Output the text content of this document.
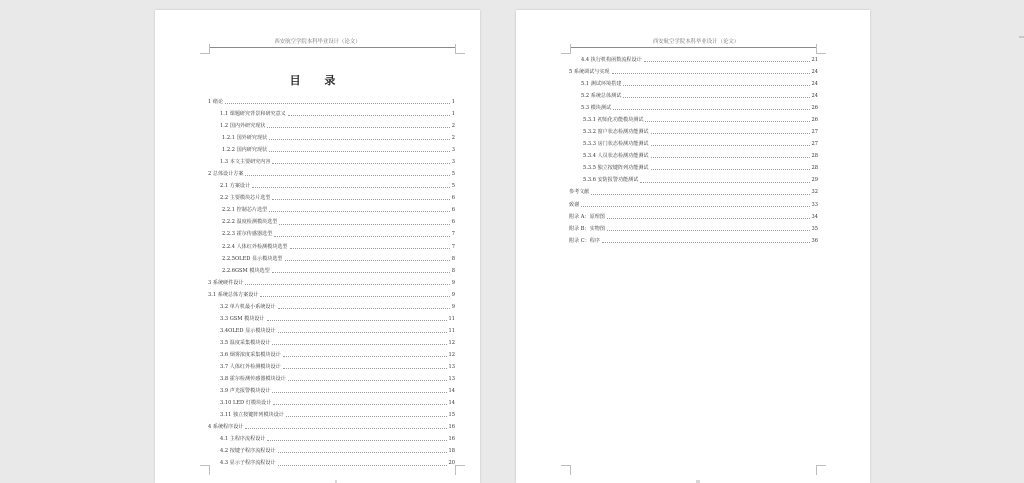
西安航空学院本科毕业设计（论文）
目 录
1 绪论	1
1.1 课题研究背景和研究意义	1
1.2 国内外研究现状	2
1.2.1 国外研究现状	2
1.2.2 国内研究现状	3
1.3 本文主要研究内容	3
2 总体设计方案	5
2.1 方案设计	5
2.2 主要模块芯片选型	6
2.2.1 控制芯片选型	6
2.2.2 温度检测模块选型	6
2.2.3 霍尔传感器选型	7
2.2.4 人体红外检测模块选型	7
2.2.5OLED 显示模块选型	8
2.2.6GSM 模块选型	8
3 系统硬件设计	9
3.1 系统总体方案设计	9
3.2 单片机最小系统设计	9
3.3 GSM 模块设计	11
3.4OLED 显示模块设计	11
3.5 温度采集模块设计	12
3.6 烟雾浓度采集模块设计	12
3.7 人体红外检测模块设计	13
3.8 霍尔检测传感器模块设计	13
3.9 声光报警模块设计	14
3.10 LED 灯模块设计	14
3.11 独立按键阵列模块设计	15
4 系统程序设计	16
4.1 主程序流程设计	16
4.2 按键子程序流程设计	18
4.3 显示子程序流程设计	20
I
西安航空学院本科毕业设计（论文）
4.4 执行机构函数流程设计	21
5 系统调试与实现	24
5.1 测试环境搭建	24
5.2 系统总体测试	24
5.3 模块测试	26
5.3.1 初始化功能模块测试	26
5.3.2 窗户状态检测功能测试	27
5.3.3 房门状态检测功能测试	27
5.3.4 人员状态检测功能测试	28
5.3.5 独立按键阵列功能测试	28
5.3.6 安防报警功能测试	29
参考文献	32
致谢	33
附录 A：原理图	34
附录 B：实物图	35
附录 C：程序	36
II
